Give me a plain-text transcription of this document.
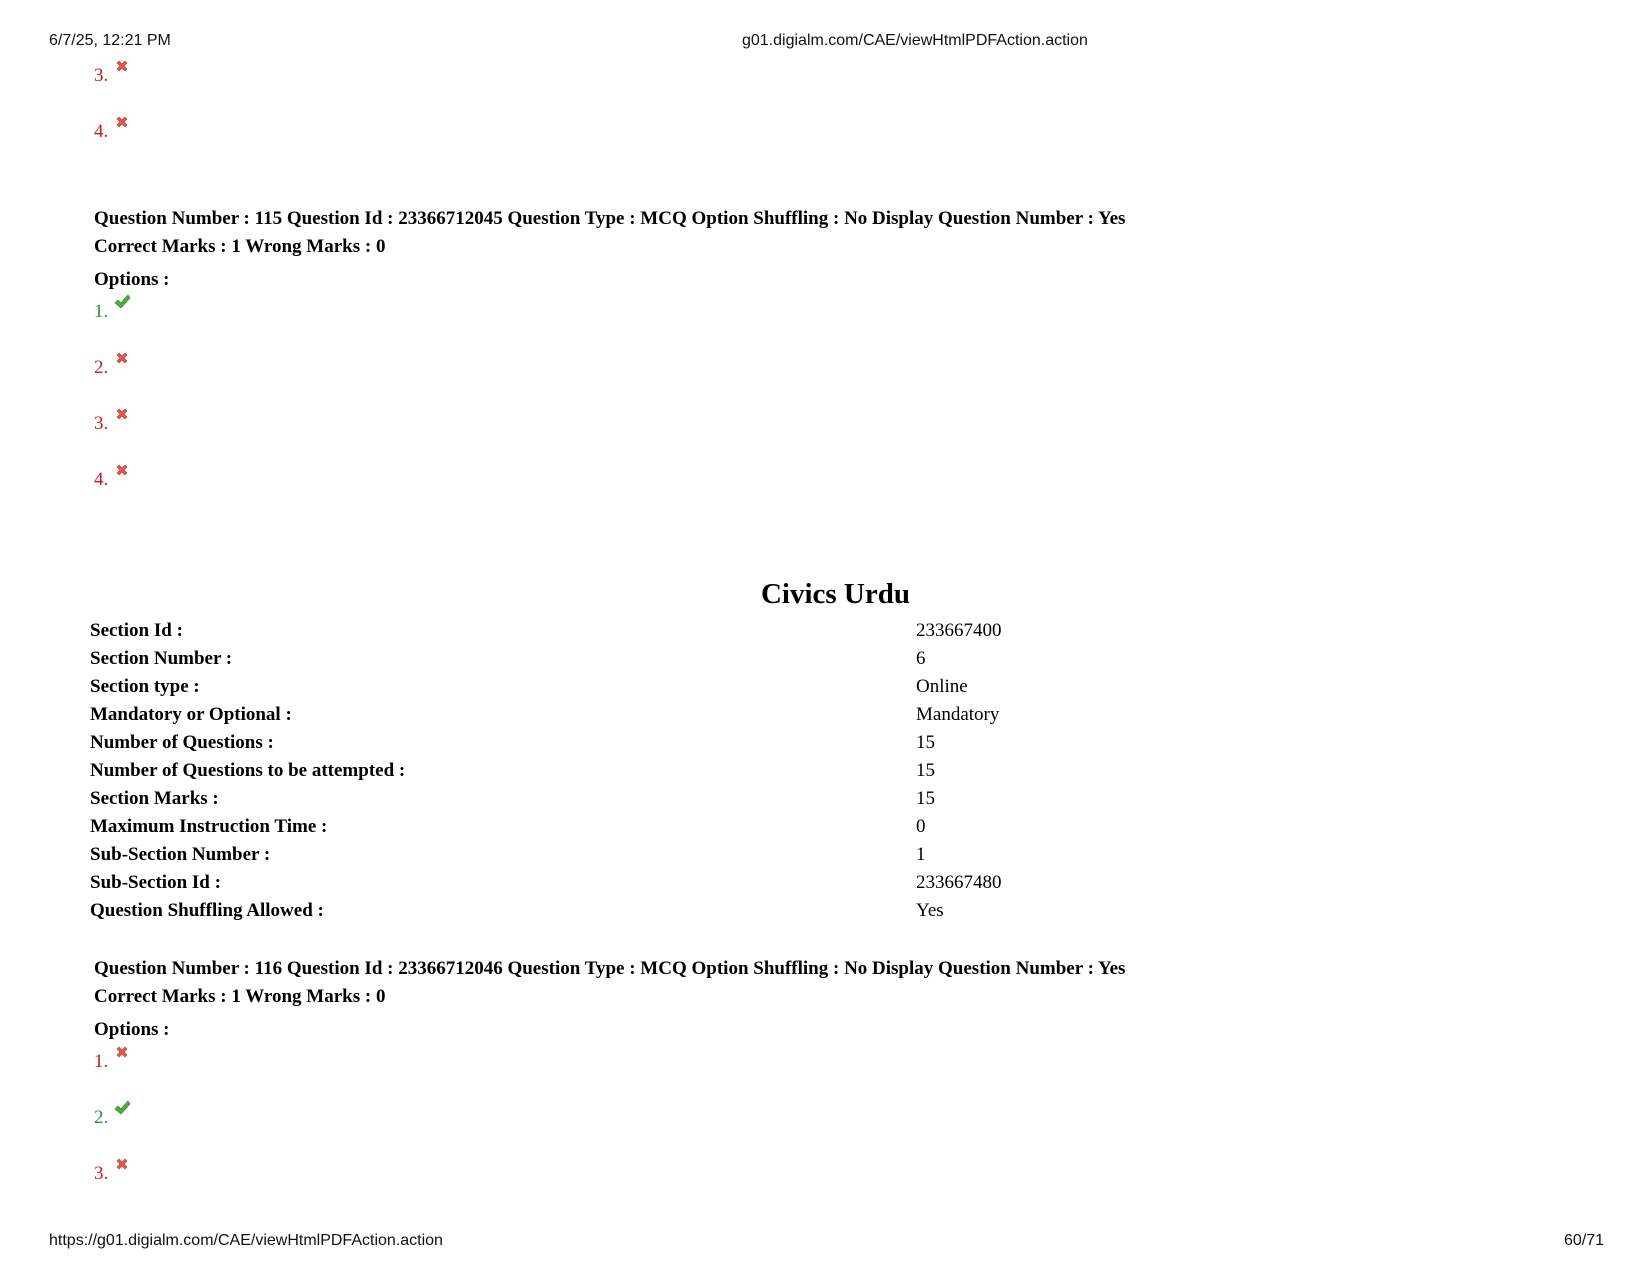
6/7/25, 12:21 PM	g01.digialm.com/CAE/viewHtmlPDFAction.action
3.
4.
Question Number : 115 Question Id : 23366712045 Question Type : MCQ Option Shuffling : No Display Question Number : Yes
Correct Marks : 1 Wrong Marks : 0
Options :
1.
2.
3.
4.
Civics Urdu
Section Id :	233667400
Section Number :	6
Section type :	Online
Mandatory or Optional :	Mandatory
Number of Questions :	15
Number of Questions to be attempted :	15
Section Marks :	15
Maximum Instruction Time :	0
Sub-Section Number :	1
Sub-Section Id :	233667480
Question Shuffling Allowed :	Yes
Question Number : 116 Question Id : 23366712046 Question Type : MCQ Option Shuffling : No Display Question Number : Yes
Correct Marks : 1 Wrong Marks : 0
Options :
1.
2.
3.
https://g01.digialm.com/CAE/viewHtmlPDFAction.action	60/71
